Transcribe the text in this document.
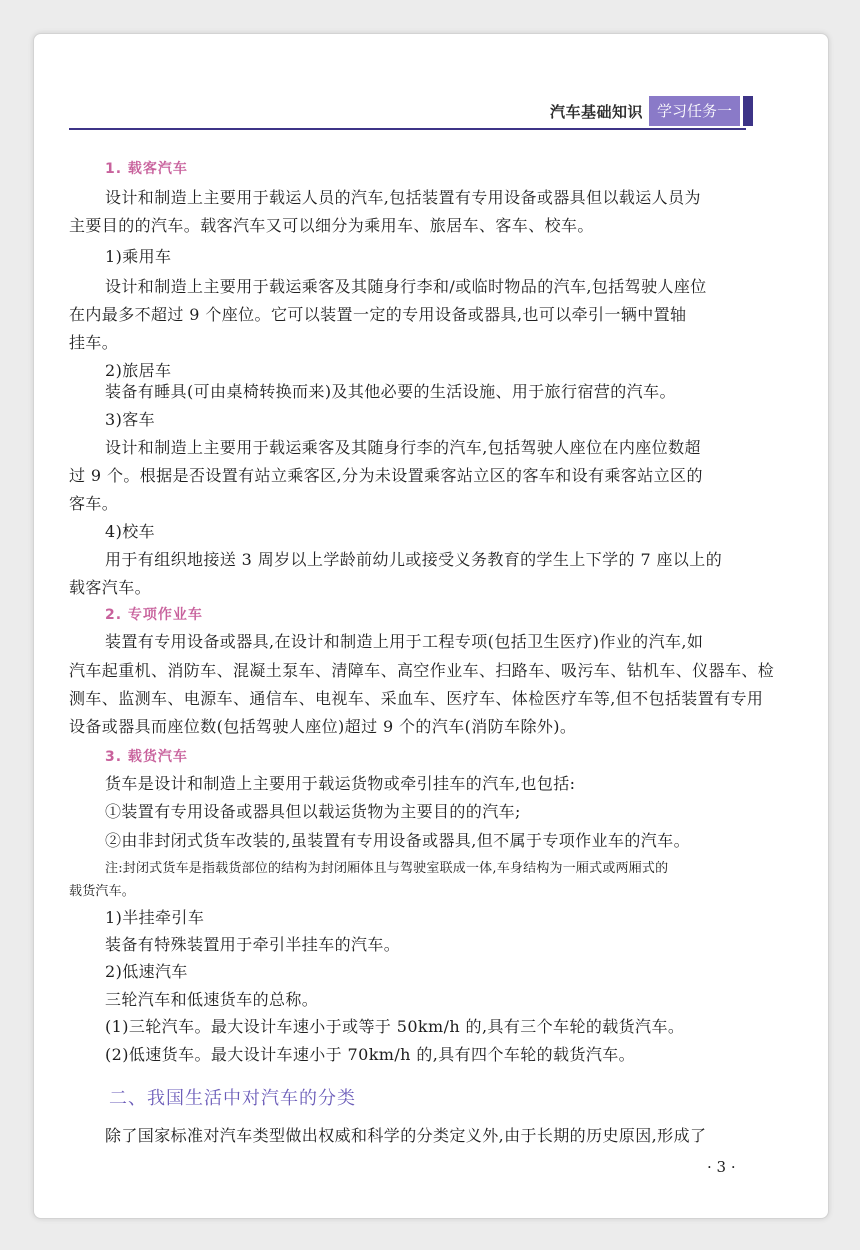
汽车基础知识 学习任务一
1. 载客汽车
设计和制造上主要用于载运人员的汽车,包括装置有专用设备或器具但以载运人员为
主要目的的汽车。载客汽车又可以细分为乘用车、旅居车、客车、校车。
1)乘用车
设计和制造上主要用于载运乘客及其随身行李和/或临时物品的汽车,包括驾驶人座位
在内最多不超过 9 个座位。它可以装置一定的专用设备或器具,也可以牵引一辆中置轴
挂车。
2)旅居车
装备有睡具(可由桌椅转换而来)及其他必要的生活设施、用于旅行宿营的汽车。
3)客车
设计和制造上主要用于载运乘客及其随身行李的汽车,包括驾驶人座位在内座位数超
过 9 个。根据是否设置有站立乘客区,分为未设置乘客站立区的客车和设有乘客站立区的
客车。
4)校车
用于有组织地接送 3 周岁以上学龄前幼儿或接受义务教育的学生上下学的 7 座以上的
载客汽车。
2. 专项作业车
装置有专用设备或器具,在设计和制造上用于工程专项(包括卫生医疗)作业的汽车,如
汽车起重机、消防车、混凝土泵车、清障车、高空作业车、扫路车、吸污车、钻机车、仪器车、检
测车、监测车、电源车、通信车、电视车、采血车、医疗车、体检医疗车等,但不包括装置有专用
设备或器具而座位数(包括驾驶人座位)超过 9 个的汽车(消防车除外)。
3. 载货汽车
货车是设计和制造上主要用于载运货物或牵引挂车的汽车,也包括:
①装置有专用设备或器具但以载运货物为主要目的的汽车;
②由非封闭式货车改装的,虽装置有专用设备或器具,但不属于专项作业车的汽车。
注:封闭式货车是指载货部位的结构为封闭厢体且与驾驶室联成一体,车身结构为一厢式或两厢式的
载货汽车。
1)半挂牵引车
装备有特殊装置用于牵引半挂车的汽车。
2)低速汽车
三轮汽车和低速货车的总称。
(1)三轮汽车。最大设计车速小于或等于 50km/h 的,具有三个车轮的载货汽车。
(2)低速货车。最大设计车速小于 70km/h 的,具有四个车轮的载货汽车。
二、我国生活中对汽车的分类
除了国家标准对汽车类型做出权威和科学的分类定义外,由于长期的历史原因,形成了
· 3 ·
